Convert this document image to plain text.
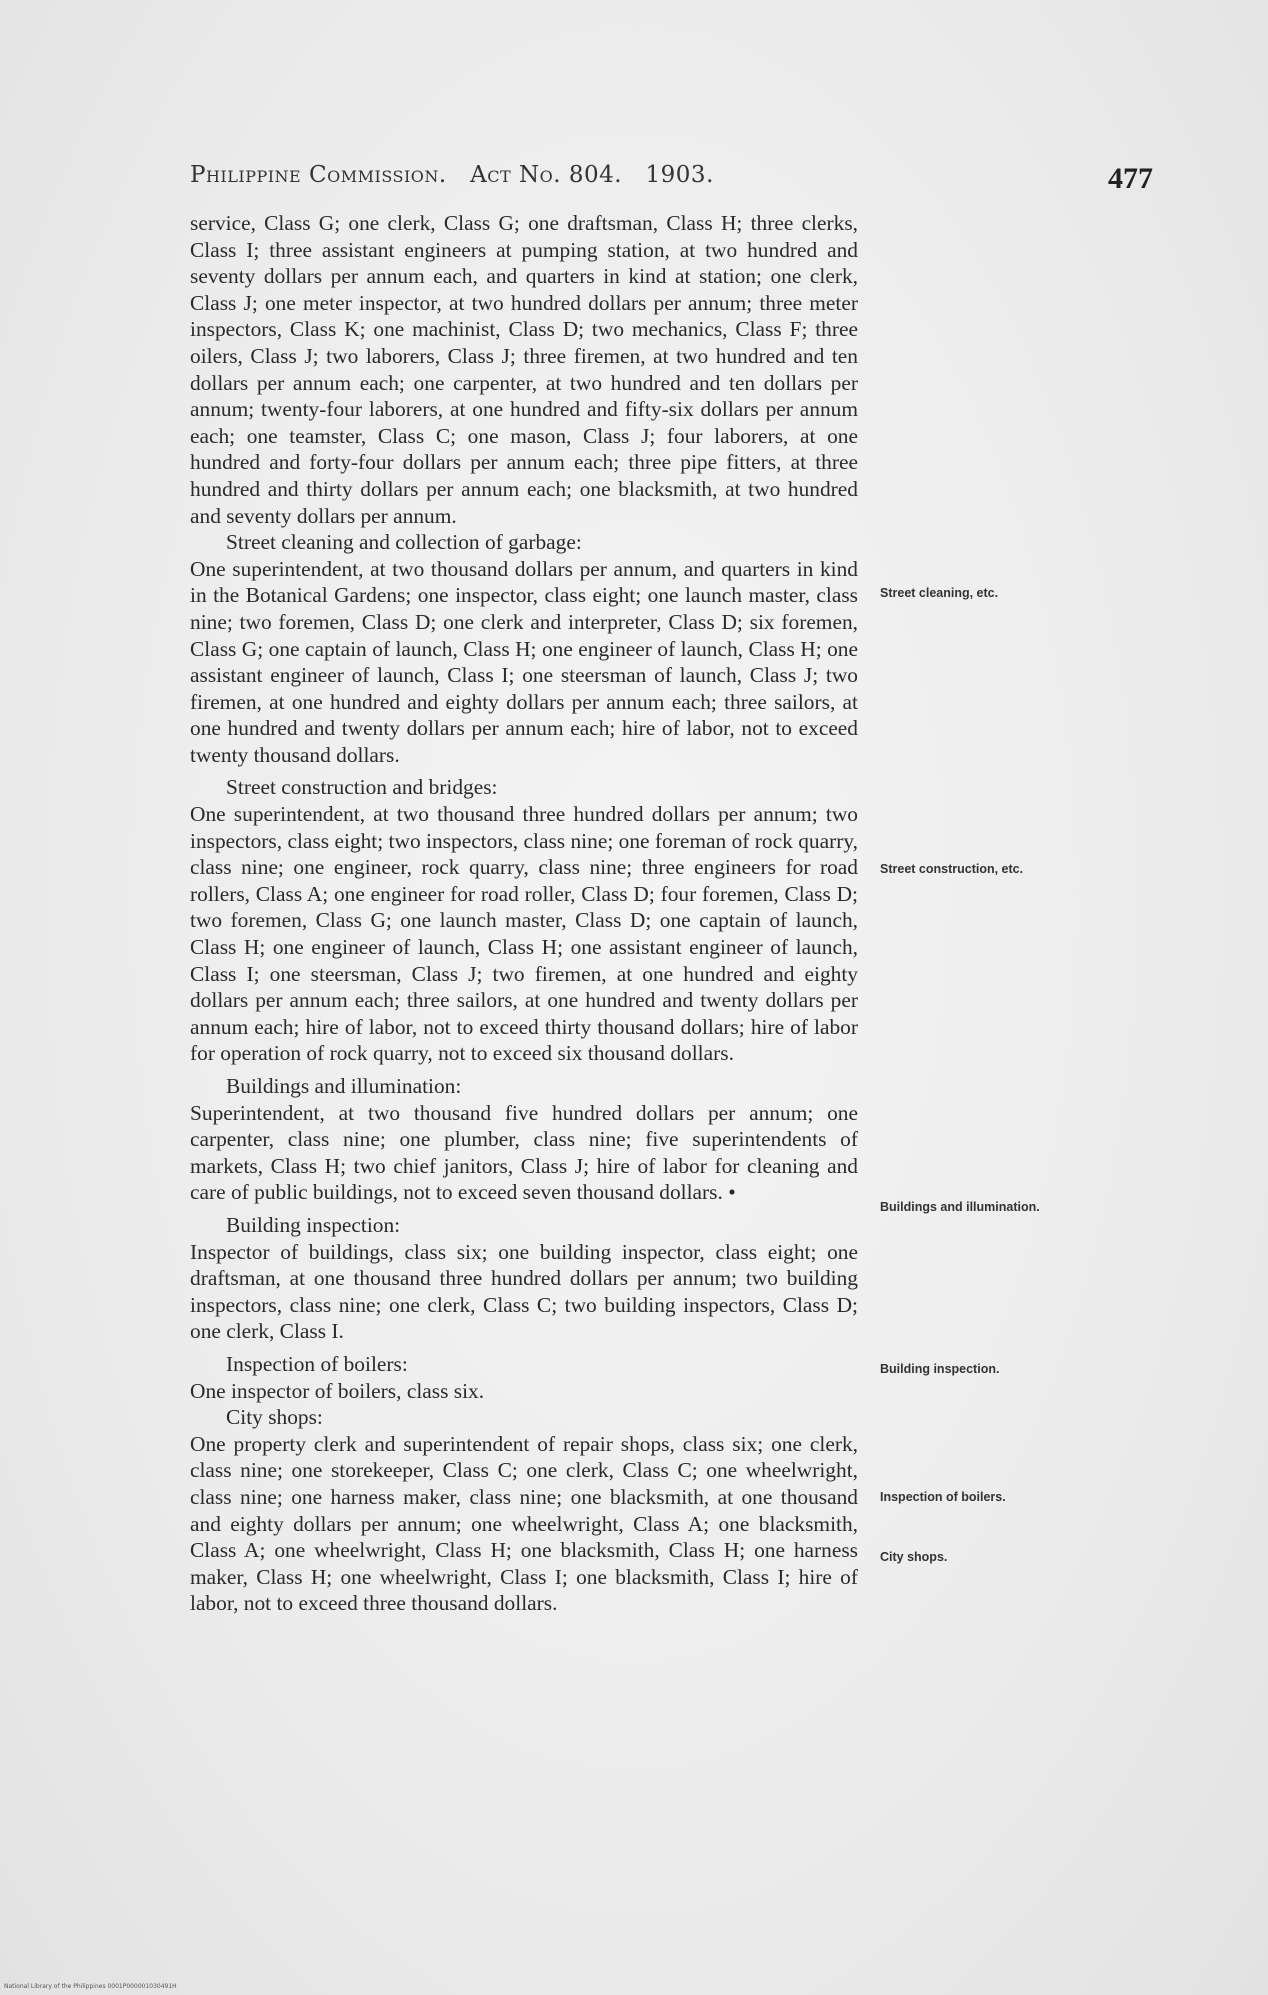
Philippine Commission. Act No. 804. 1903.	477

service, Class G; one clerk, Class G; one draftsman, Class H; three clerks, Class I; three assistant engineers at pumping station, at two hundred and seventy dollars per annum each, and quarters in kind at station; one clerk, Class J; one meter inspector, at two hundred dollars per annum; three meter inspectors, Class K; one machinist, Class D; two mechanics, Class F; three oilers, Class J; two laborers, Class J; three firemen, at two hundred and ten dollars per annum each; one carpenter, at two hundred and ten dollars per annum; twenty-four laborers, at one hundred and fifty-six dollars per annum each; one teamster, Class C; one mason, Class J; four laborers, at one hundred and forty-four dollars per annum each; three pipe fitters, at three hundred and thirty dollars per annum each; one blacksmith, at two hundred and seventy dollars per annum.

Street cleaning and collection of garbage:

One superintendent, at two thousand dollars per annum, and quarters in kind in the Botanical Gardens; one inspector, class eight; one launch master, class nine; two foremen, Class D; one clerk and interpreter, Class D; six foremen, Class G; one captain of launch, Class H; one engineer of launch, Class H; one assistant engineer of launch, Class I; one steersman of launch, Class J; two firemen, at one hundred and eighty dollars per annum each; three sailors, at one hundred and twenty dollars per annum each; hire of labor, not to exceed twenty thousand dollars.

Street construction and bridges:

One superintendent, at two thousand three hundred dollars per annum; two inspectors, class eight; two inspectors, class nine; one foreman of rock quarry, class nine; one engineer, rock quarry, class nine; three engineers for road rollers, Class A; one engineer for road roller, Class D; four foremen, Class D; two foremen, Class G; one launch master, Class D; one captain of launch, Class H; one engineer of launch, Class H; one assistant engineer of launch, Class I; one steersman, Class J; two firemen, at one hundred and eighty dollars per annum each; three sailors, at one hundred and twenty dollars per annum each; hire of labor, not to exceed thirty thousand dollars; hire of labor for operation of rock quarry, not to exceed six thousand dollars.

Buildings and illumination:

Superintendent, at two thousand five hundred dollars per annum; one carpenter, class nine; one plumber, class nine; five superintendents of markets, Class H; two chief janitors, Class J; hire of labor for cleaning and care of public buildings, not to exceed seven thousand dollars. •

Building inspection:

Inspector of buildings, class six; one building inspector, class eight; one draftsman, at one thousand three hundred dollars per annum; two building inspectors, class nine; one clerk, Class C; two building inspectors, Class D; one clerk, Class I.

Inspection of boilers:

One inspector of boilers, class six.

City shops:

One property clerk and superintendent of repair shops, class six; one clerk, class nine; one storekeeper, Class C; one clerk, Class C; one wheelwright, class nine; one harness maker, class nine; one blacksmith, at one thousand and eighty dollars per annum; one wheelwright, Class A; one blacksmith, Class A; one wheelwright, Class H; one blacksmith, Class H; one harness maker, Class H; one wheelwright, Class I; one blacksmith, Class I; hire of labor, not to exceed three thousand dollars.

Street cleaning, etc.
Street construction, etc.
Buildings and illumination.
Building inspection.
Inspection of boilers.
City shops.
National Library of the Philippines 0001P000001030491H
